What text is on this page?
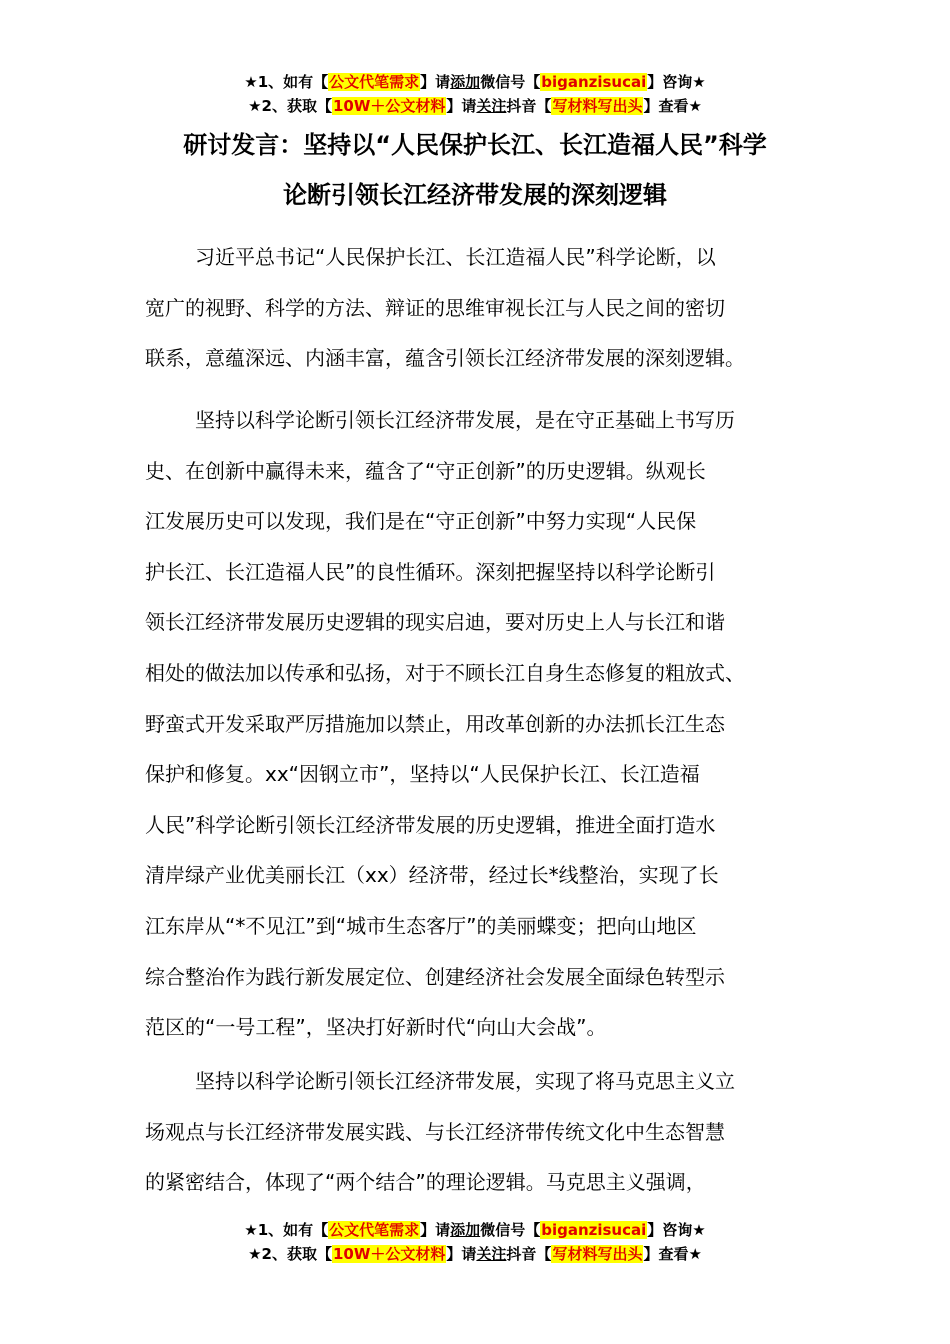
★1、如有【公文代笔需求】请添加微信号【biganzisucai】咨询★
★2、获取【10W＋公文材料】请关注抖音【写材料写出头】查看★
研讨发言：坚持以“人民保护长江、长江造福人民”科学
论断引领长江经济带发展的深刻逻辑
习近平总书记“人民保护长江、长江造福人民”科学论断，以
宽广的视野、科学的方法、辩证的思维审视长江与人民之间的密切
联系，意蕴深远、内涵丰富，蕴含引领长江经济带发展的深刻逻辑。
坚持以科学论断引领长江经济带发展，是在守正基础上书写历
史、在创新中赢得未来，蕴含了“守正创新”的历史逻辑。纵观长
江发展历史可以发现，我们是在“守正创新”中努力实现“人民保
护长江、长江造福人民”的良性循环。深刻把握坚持以科学论断引
领长江经济带发展历史逻辑的现实启迪，要对历史上人与长江和谐
相处的做法加以传承和弘扬，对于不顾长江自身生态修复的粗放式、
野蛮式开发采取严厉措施加以禁止，用改革创新的办法抓长江生态
保护和修复。xx“因钢立市”，坚持以“人民保护长江、长江造福
人民”科学论断引领长江经济带发展的历史逻辑，推进全面打造水
清岸绿产业优美丽长江（xx）经济带，经过长*线整治，实现了长
江东岸从“*不见江”到“城市生态客厅”的美丽蝶变；把向山地区
综合整治作为践行新发展定位、创建经济社会发展全面绿色转型示
范区的“一号工程”，坚决打好新时代“向山大会战”。
坚持以科学论断引领长江经济带发展，实现了将马克思主义立
场观点与长江经济带发展实践、与长江经济带传统文化中生态智慧
的紧密结合，体现了“两个结合”的理论逻辑。马克思主义强调，
★1、如有【公文代笔需求】请添加微信号【biganzisucai】咨询★
★2、获取【10W＋公文材料】请关注抖音【写材料写出头】查看★
